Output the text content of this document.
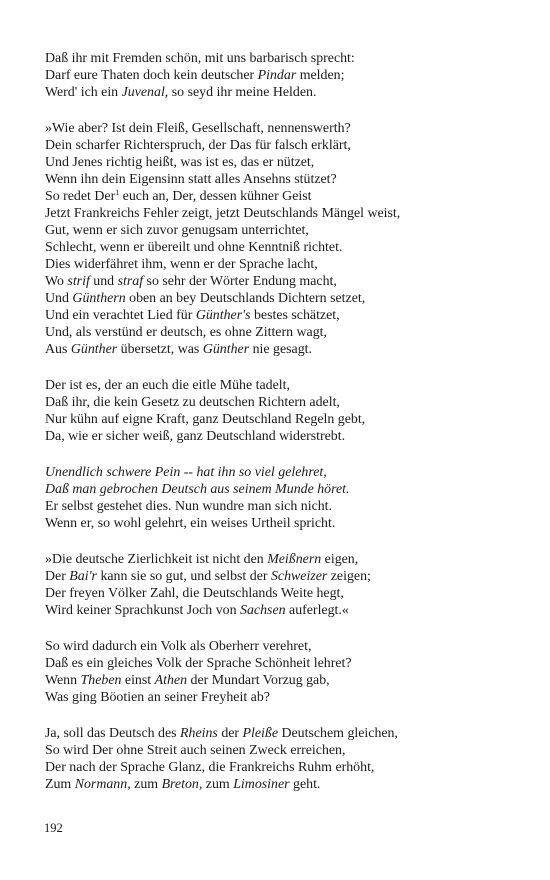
Daß ihr mit Fremden schön, mit uns barbarisch sprecht:
Darf eure Thaten doch kein deutscher Pindar melden;
Werd' ich ein Juvenal, so seyd ihr meine Helden.
»Wie aber? Ist dein Fleiß, Gesellschaft, nennenswerth?
Dein scharfer Richterspruch, der Das für falsch erklärt,
Und Jenes richtig heißt, was ist es, das er nützet,
Wenn ihn dein Eigensinn statt alles Ansehns stützet?
So redet Der$^1$ euch an, Der, dessen kühner Geist
Jetzt Frankreichs Fehler zeigt, jetzt Deutschlands Mängel weist,
Gut, wenn er sich zuvor genugsam unterrichtet,
Schlecht, wenn er übereilt und ohne Kenntniß richtet.
Dies widerfähret ihm, wenn er der Sprache lacht,
Wo strif und straf so sehr der Wörter Endung macht,
Und Günthern oben an bey Deutschlands Dichtern setzet,
Und ein verachtet Lied für Günther's bestes schätzet,
Und, als verstünd er deutsch, es ohne Zittern wagt,
Aus Günther übersetzt, was Günther nie gesagt.
Der ist es, der an euch die eitle Mühe tadelt,
Daß ihr, die kein Gesetz zu deutschen Richtern adelt,
Nur kühn auf eigne Kraft, ganz Deutschland Regeln gebt,
Da, wie er sicher weiß, ganz Deutschland widerstrebt.
Unendlich schwere Pein -- hat ihn so viel gelehret,
Daß man gebrochen Deutsch aus seinem Munde höret.
Er selbst gestehet dies. Nun wundre man sich nicht.
Wenn er, so wohl gelehrt, ein weises Urtheil spricht.
»Die deutsche Zierlichkeit ist nicht den Meißnern eigen,
Der Bai'r kann sie so gut, und selbst der Schweizer zeigen;
Der freyen Völker Zahl, die Deutschlands Weite hegt,
Wird keiner Sprachkunst Joch von Sachsen auferlegt.«
So wird dadurch ein Volk als Oberherr verehret,
Daß es ein gleiches Volk der Sprache Schönheit lehret?
Wenn Theben einst Athen der Mundart Vorzug gab,
Was ging Böotien an seiner Freyheit ab?
Ja, soll das Deutsch des Rheins der Pleiße Deutschem gleichen,
So wird Der ohne Streit auch seinen Zweck erreichen,
Der nach der Sprache Glanz, die Frankreichs Ruhm erhöht,
Zum Normann, zum Breton, zum Limosiner geht.
192
